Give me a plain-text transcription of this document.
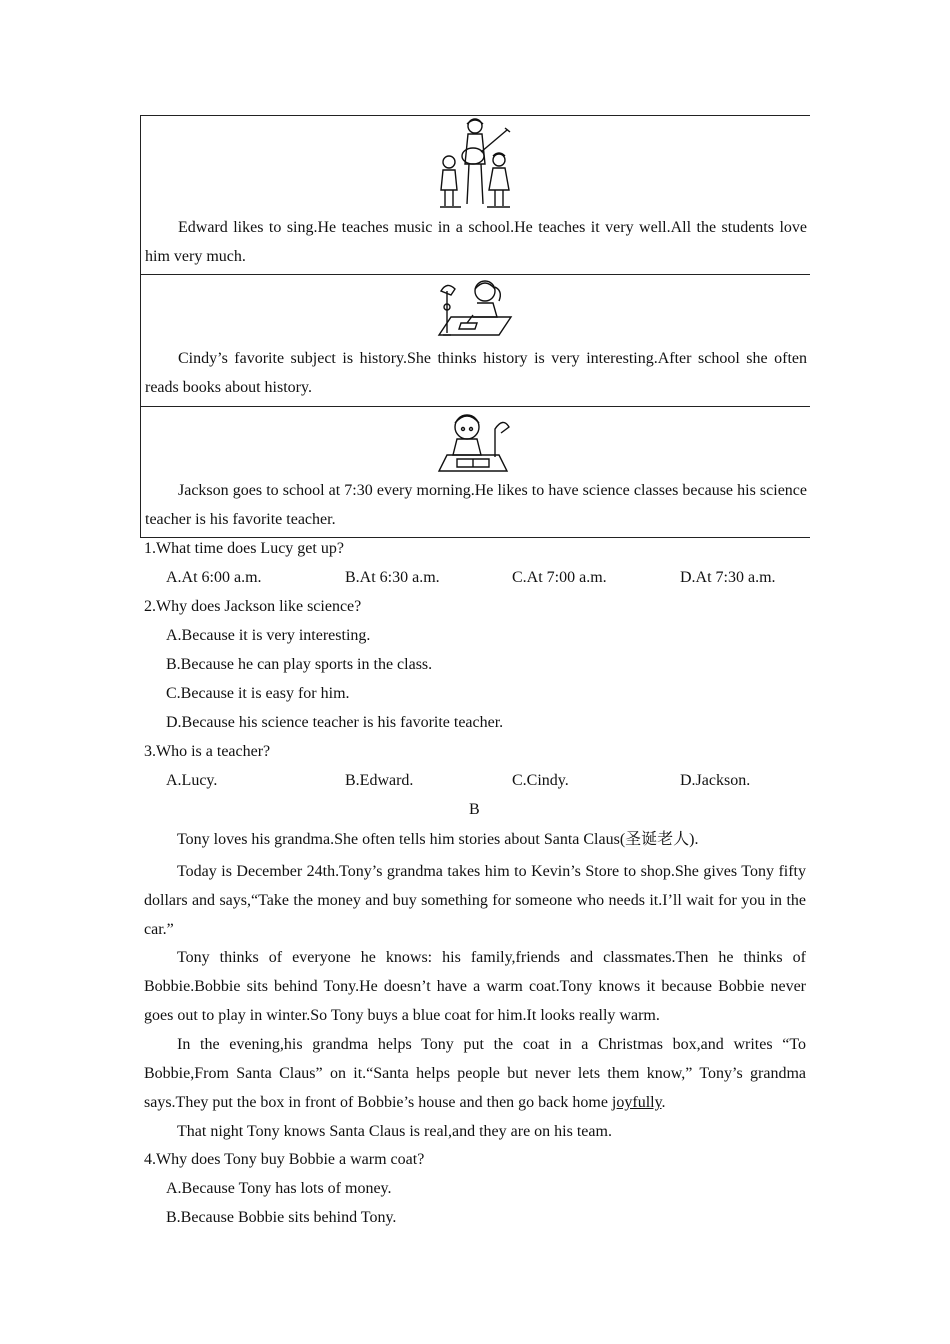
Edward likes to sing.He teaches music in a school.He teaches it very well.All the students love him very much.

Cindy’s favorite subject is history.She thinks history is very interesting.After school she often reads books about history.

Jackson goes to school at 7:30 every morning.He likes to have science classes because his science teacher is his favorite teacher.

1.What time does Lucy get up?
A.At 6:00 a.m.	B.At 6:30 a.m.	C.At 7:00 a.m.	D.At 7:30 a.m.
2.Why does Jackson like science?
A.Because it is very interesting.
B.Because he can play sports in the class.
C.Because it is easy for him.
D.Because his science teacher is his favorite teacher.
3.Who is a teacher?
A.Lucy.	B.Edward.	C.Cindy.	D.Jackson.
B

Tony loves his grandma.She often tells him stories about Santa Claus(圣诞老人).

Today is December 24th.Tony’s grandma takes him to Kevin’s Store to shop.She gives Tony fifty dollars and says,“Take the money and buy something for someone who needs it.I’ll wait for you in the car.”

Tony thinks of everyone he knows: his family,friends and classmates.Then he thinks of Bobbie.Bobbie sits behind Tony.He doesn’t have a warm coat.Tony knows it because Bobbie never goes out to play in winter.So Tony buys a blue coat for him.It looks really warm.

In the evening,his grandma helps Tony put the coat in a Christmas box,and writes “To Bobbie,From Santa Claus” on it.“Santa helps people but never lets them know,” Tony’s grandma says.They put the box in front of Bobbie’s house and then go back home joyfully.

That night Tony knows Santa Claus is real,and they are on his team.

4.Why does Tony buy Bobbie a warm coat?
A.Because Tony has lots of money.
B.Because Bobbie sits behind Tony.
